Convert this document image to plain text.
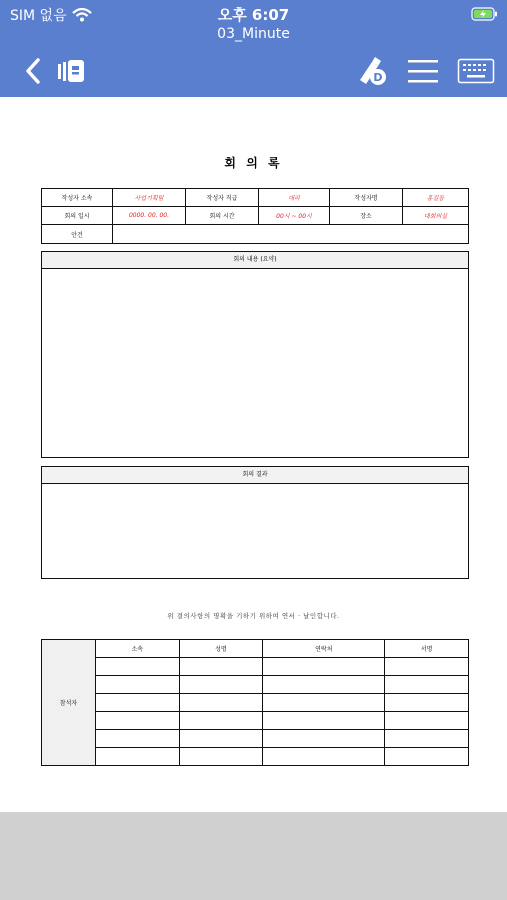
SIM 없음	오후 6:07
03_Minute
D
회 의 록
작성자 소속	사업기획팀	작성자 직급	대리	작성자명	홍길동
회의 일시	0000. 00. 00.	회의 시간	00시 ~ 00시	장소	대회의실
안건					
회의 내용 (요약)
회의 결과
위 결의사항의 명확을 기하기 위하여 연서 · 날인합니다.
참석자	소속	성명	연락처	서명
